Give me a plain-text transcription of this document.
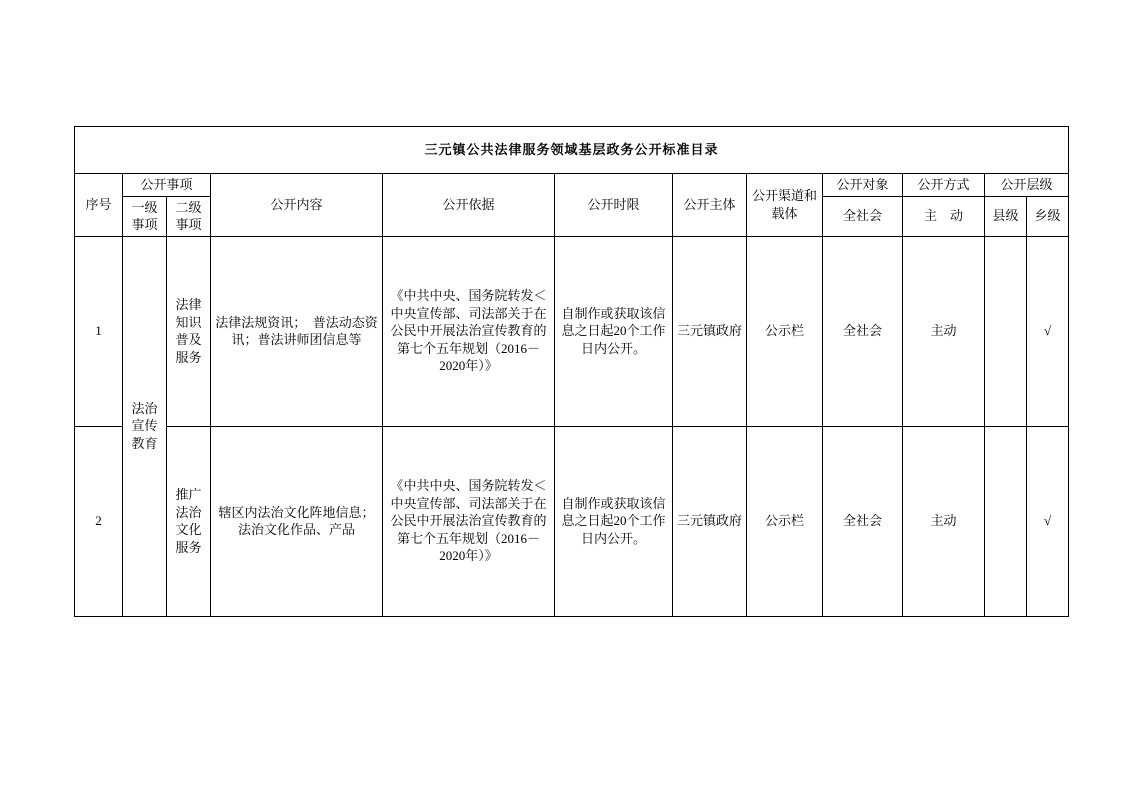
三元镇公共法律服务领域基层政务公开标准目录											
序号	公开事项		公开内容	公开依据	公开时限	公开主体	公开渠道和载体	公开对象	公开方式	公开层级	
	一级事项	二级事项						全社会	主　动	县级	乡级
1	法治宣传教育	法律知识普及服务	法律法规资讯；　普法动态资讯；普法讲师团信息等	《中共中央、国务院转发＜中央宣传部、司法部关于在公民中开展法治宣传教育的第七个五年规划（2016－2020年）》	自制作或获取该信息之日起20个工作日内公开。	三元镇政府	公示栏	全社会	主动		√
2		推广法治文化服务	辖区内法治文化阵地信息；法治文化作品、产品	《中共中央、国务院转发＜中央宣传部、司法部关于在公民中开展法治宣传教育的第七个五年规划（2016－2020年）》	自制作或获取该信息之日起20个工作日内公开。	三元镇政府	公示栏	全社会	主动		√
